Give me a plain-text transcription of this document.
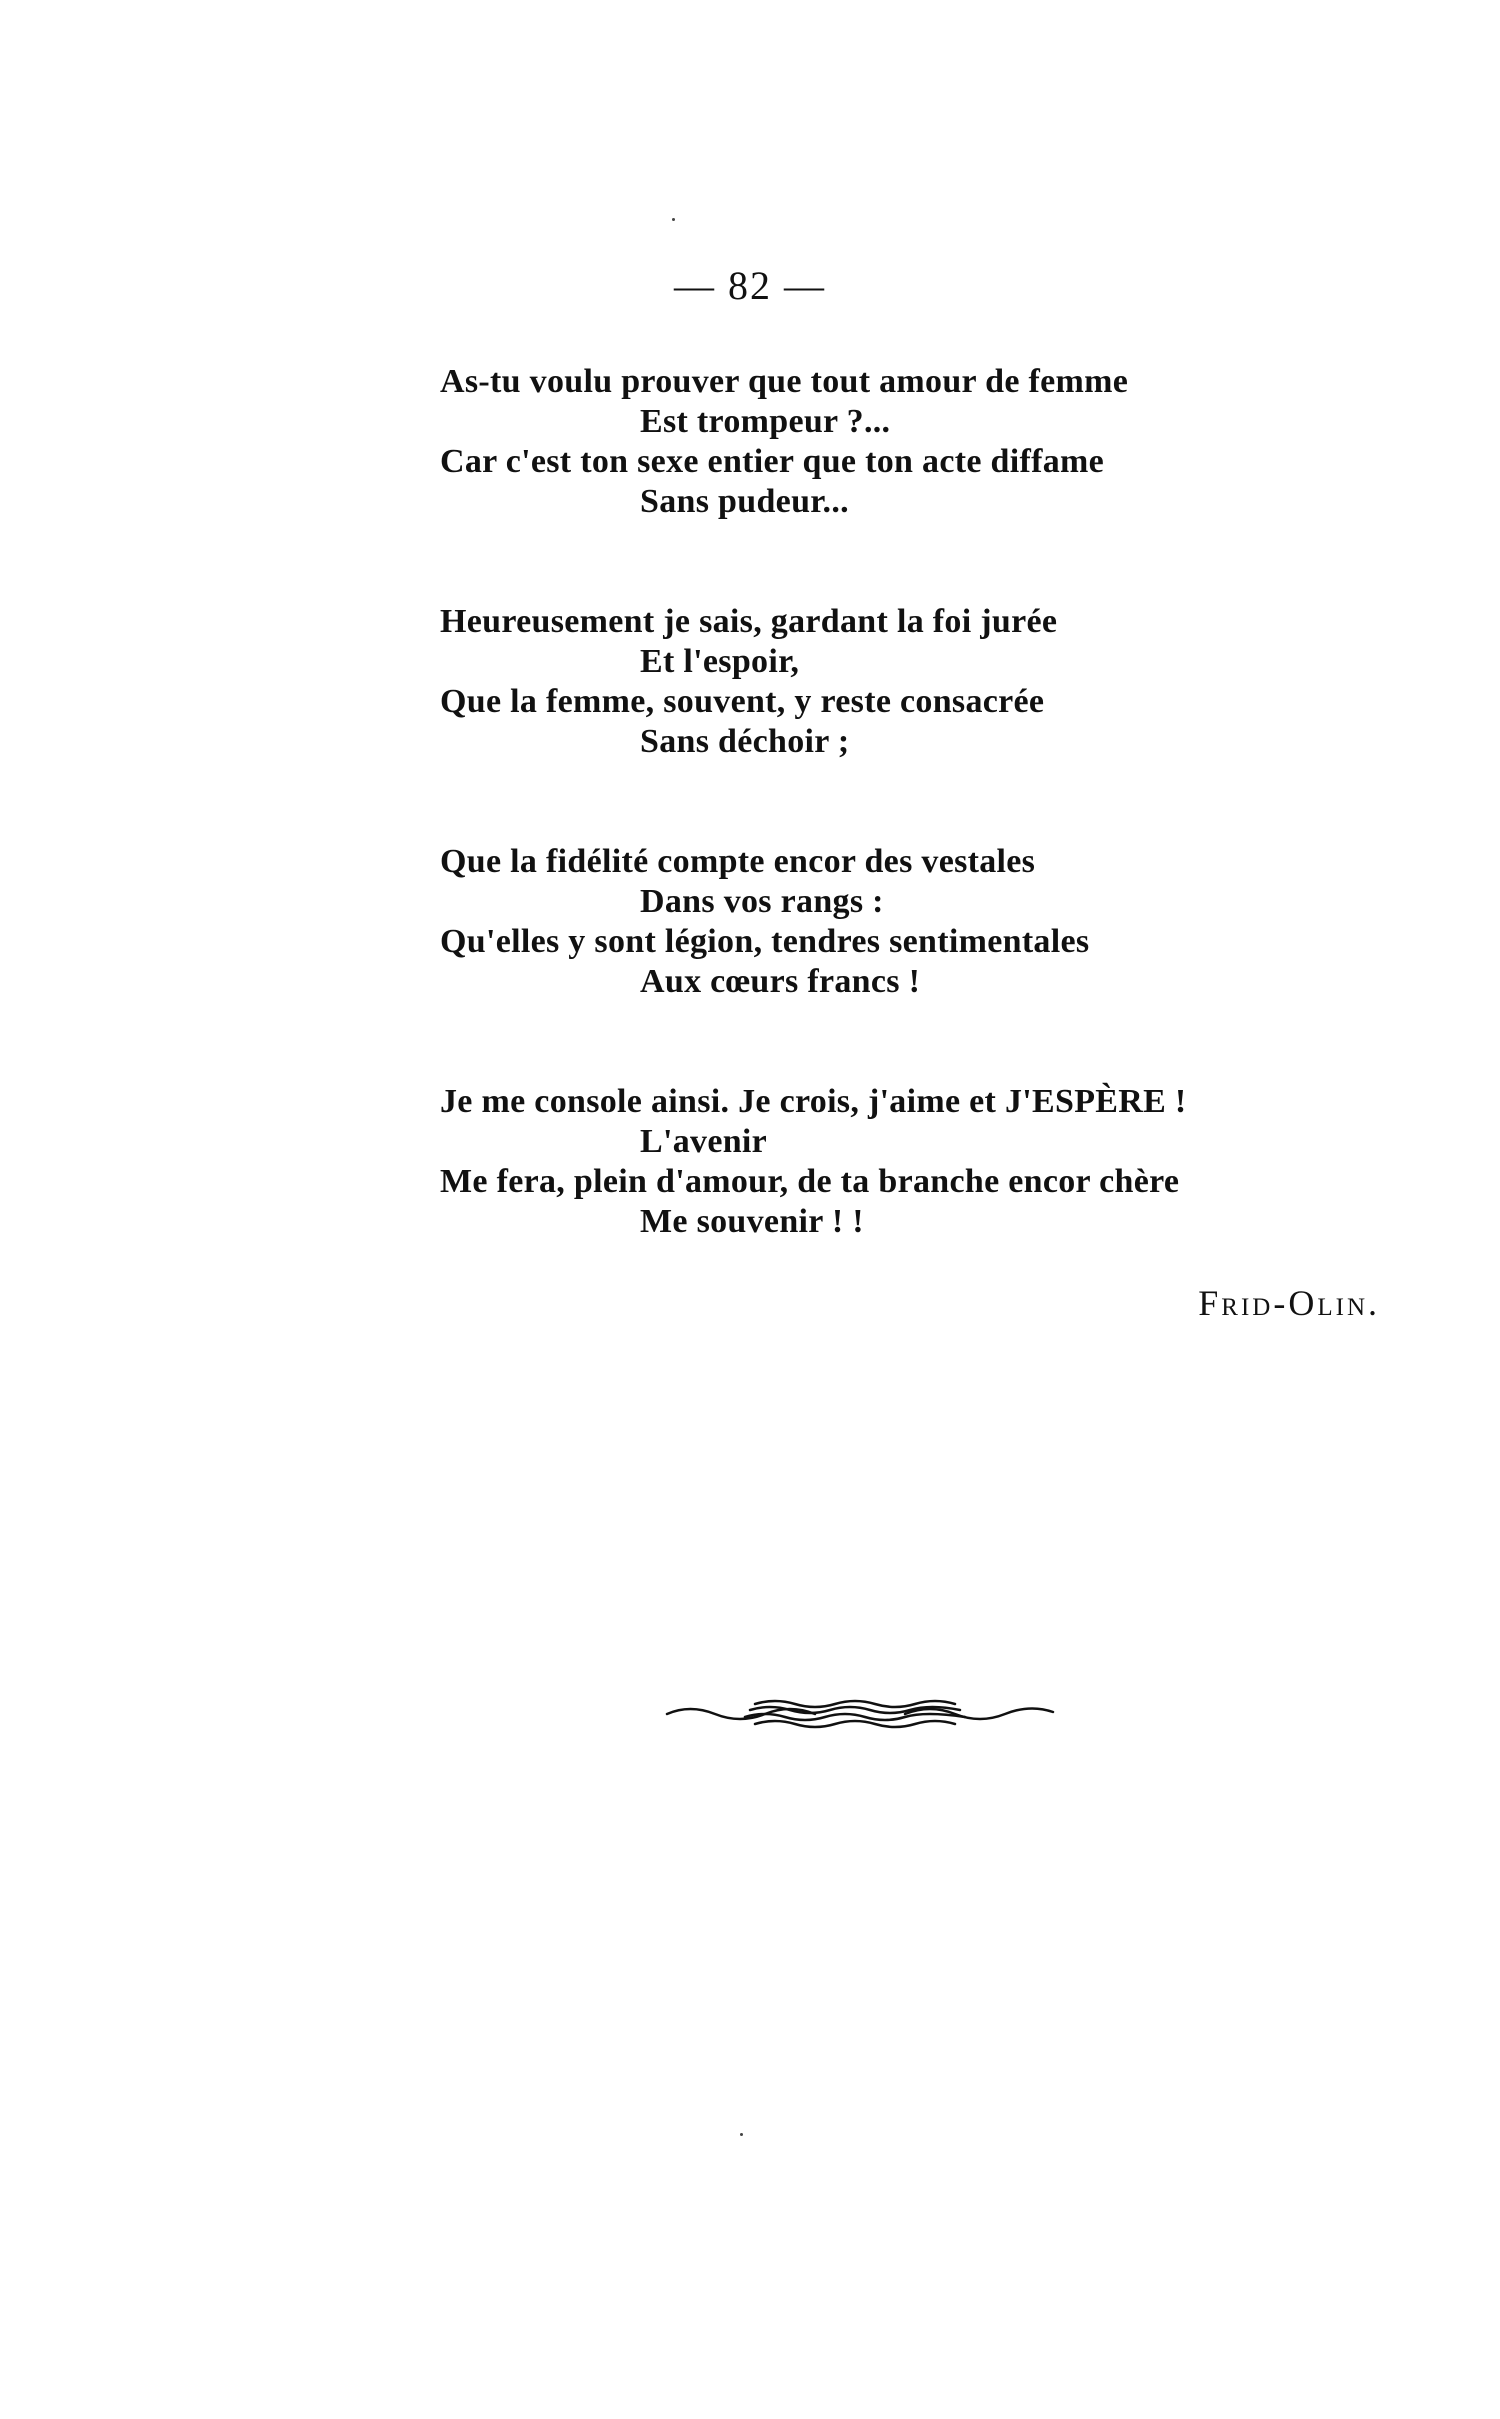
— 82 —
As-tu voulu prouver que tout amour de femme
Est trompeur ?...
Car c'est ton sexe entier que ton acte diffame
Sans pudeur...
Heureusement je sais, gardant la foi jurée
Et l'espoir,
Que la femme, souvent, y reste consacrée
Sans déchoir ;
Que la fidélité compte encor des vestales
Dans vos rangs :
Qu'elles y sont légion, tendres sentimentales
Aux cœurs francs !
Je me console ainsi. Je crois, j'aime et J'ESPÈRE !
L'avenir
Me fera, plein d'amour, de ta branche encor chère
Me souvenir ! !
Frid-Olin.
